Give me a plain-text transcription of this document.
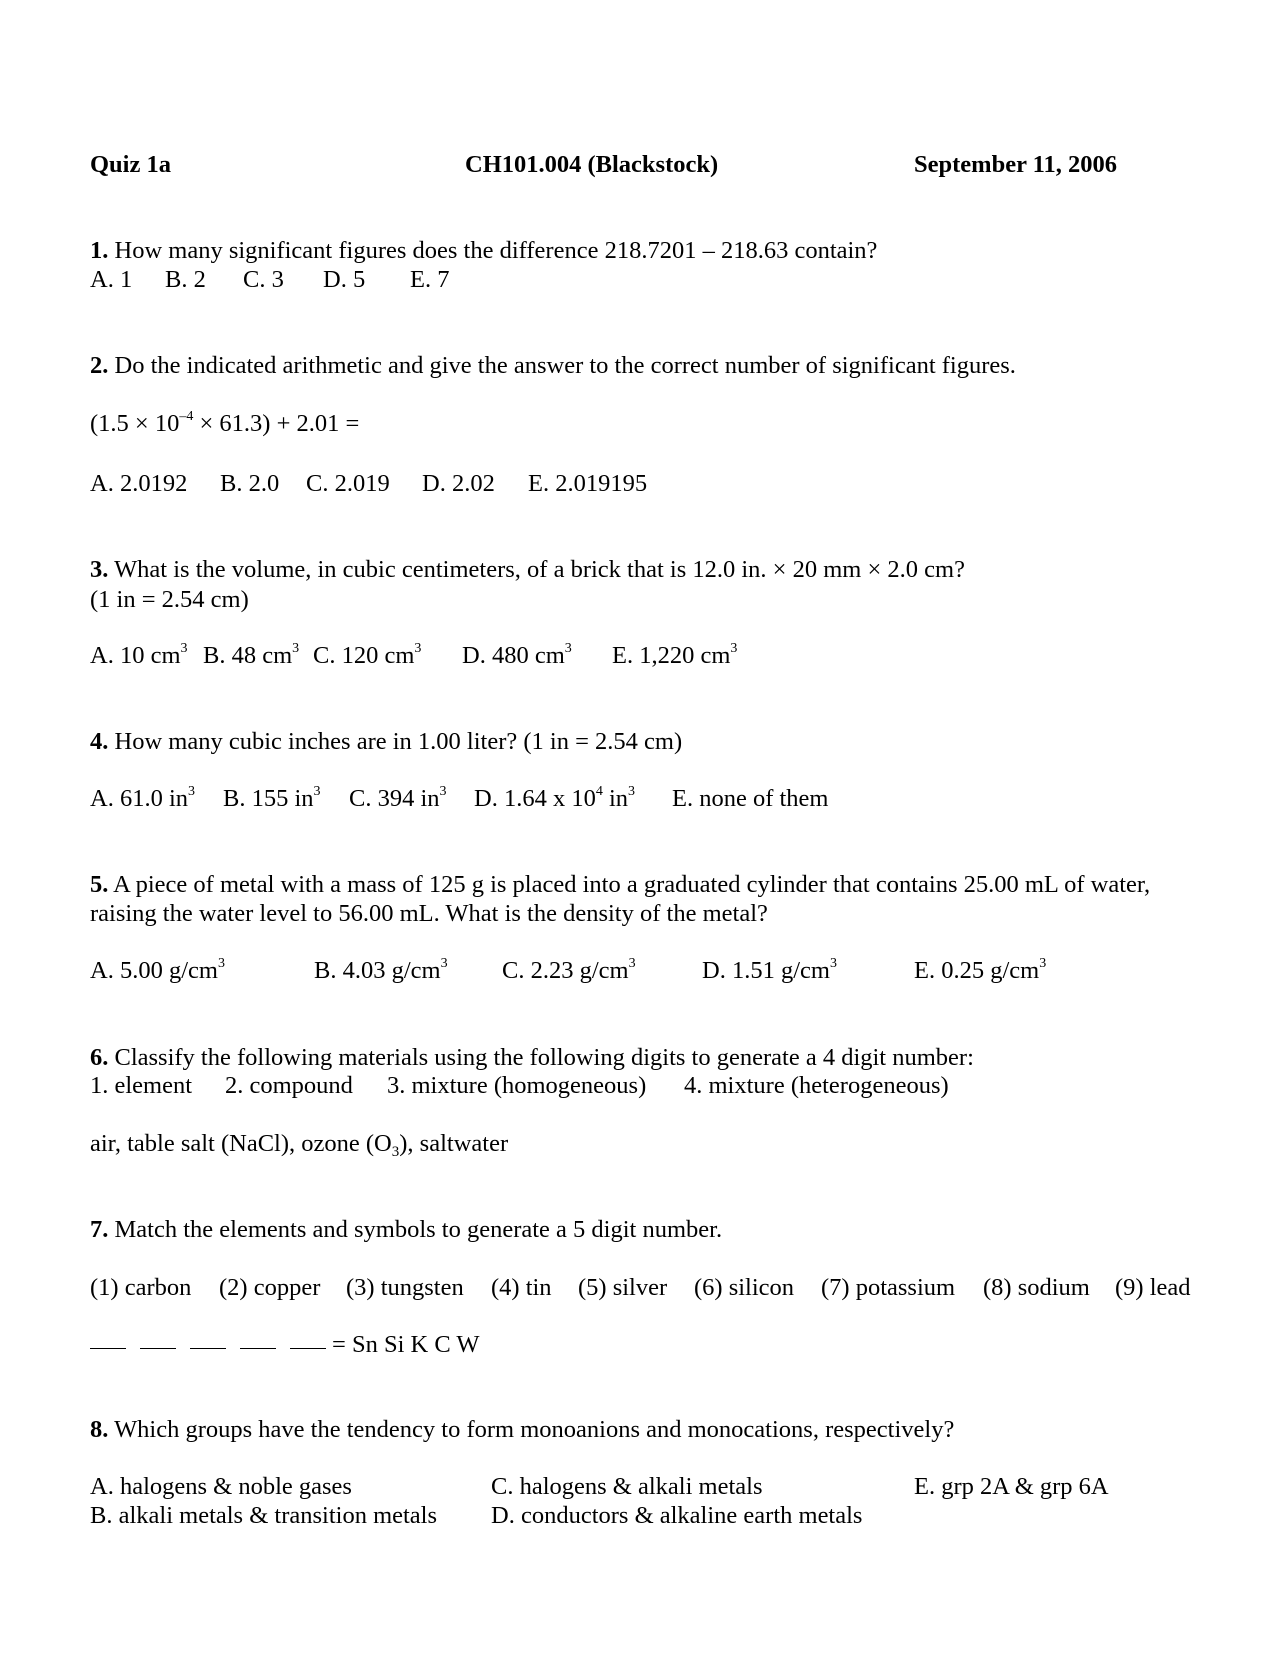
Quiz 1a	CH101.004 (Blackstock)	September 11, 2006
1. How many significant figures does the difference 218.7201 – 218.63 contain?
A. 1 B. 2 C. 3 D. 5 E. 7
2. Do the indicated arithmetic and give the answer to the correct number of significant figures.
$(1.5 \times 10^{-4} \times 61.3) + 2.01$ =
A. 2.0192 B. 2.0 C. 2.019 D. 2.02 E. 2.019195
3. What is the volume, in cubic centimeters, of a brick that is 12.0 in. × 20 mm × 2.0 cm?
(1 in = 2.54 cm)
A. 10 $cm^3$ B. 48 $cm^3$ C. 120 $cm^3$ D. 480 $cm^3$ E. 1,220 $cm^3$
4. How many cubic inches are in 1.00 liter? (1 in = 2.54 cm)
A. 61.0 $in^3$ B. 155 $in^3$ C. 394 $in^3$ D. 1.64 x $10^4$ $in^3$ E. none of them
5. A piece of metal with a mass of 125 g is placed into a graduated cylinder that contains 25.00 mL of water,
raising the water level to 56.00 mL. What is the density of the metal?
A. 5.00 $g/cm^3$	B. 4.03 $g/cm^3$ C. 2.23 $g/cm^3$	D. 1.51 $g/cm^3$	E. 0.25 $g/cm^3$
6. Classify the following materials using the following digits to generate a 4 digit number:
1. element 2. compound 3. mixture (homogeneous) 4. mixture (heterogeneous)
air, table salt (NaCl), ozone $(O_3)$, saltwater
7. Match the elements and symbols to generate a 5 digit number.
(1) carbon (2) copper (3) tungsten (4) tin (5) silver (6) silicon (7) potassium (8) sodium (9) lead
= Sn Si K C W
8. Which groups have the tendency to form monoanions and monocations, respectively?
A. halogens & noble gases
B. alkali metals & transition metals
C. halogens & alkali metals
D. conductors & alkaline earth metals
E. grp 2A & grp 6A
